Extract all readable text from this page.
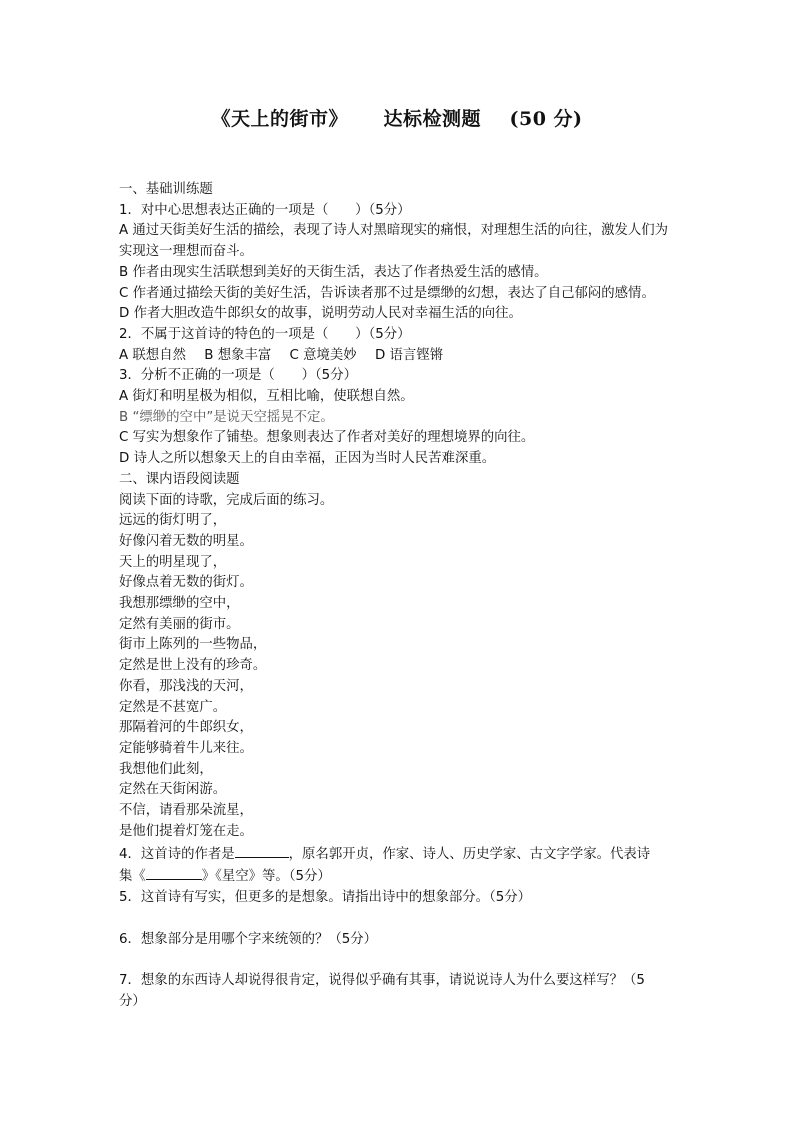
《天上的街市》 达标检测题 (50 分)
一、基础训练题
1．对中心思想表达正确的一项是（　　）（5分）
A 通过天街美好生活的描绘，表现了诗人对黑暗现实的痛恨，对理想生活的向往，激发人们为实现这一理想而奋斗。
B 作者由现实生活联想到美好的天街生活，表达了作者热爱生活的感情。
C 作者通过描绘天街的美好生活，告诉读者那不过是缥缈的幻想，表达了自己郁闷的感情。
D 作者大胆改造牛郎织女的故事，说明劳动人民对幸福生活的向往。
2．不属于这首诗的特色的一项是（　　）（5分）
A 联想自然 B 想象丰富 C 意境美妙 D 语言铿锵
3．分析不正确的一项是（　　）（5分）
A 街灯和明星极为相似，互相比喻，使联想自然。
B “缥缈的空中”是说天空摇晃不定。
C 写实为想象作了铺垫。想象则表达了作者对美好的理想境界的向往。
D 诗人之所以想象天上的自由幸福，正因为当时人民苦难深重。
二、课内语段阅读题
阅读下面的诗歌，完成后面的练习。
远远的街灯明了，
好像闪着无数的明星。
天上的明星现了，
好像点着无数的街灯。
我想那缥缈的空中，
定然有美丽的街市。
街市上陈列的一些物品，
定然是世上没有的珍奇。
你看，那浅浅的天河，
定然是不甚宽广。
那隔着河的牛郎织女，
定能够骑着牛儿来往。
我想他们此刻，
定然在天街闲游。
不信，请看那朵流星，
是他们提着灯笼在走。
4．这首诗的作者是	，原名郭开贞，作家、诗人、历史学家、古文字学家。代表诗
集《	》《星空》等。（5分）
5．这首诗有写实，但更多的是想象。请指出诗中的想象部分。（5分）
6．想象部分是用哪个字来统领的？（5分）
7．想象的东西诗人却说得很肯定，说得似乎确有其事，请说说诗人为什么要这样写？（5
分）
